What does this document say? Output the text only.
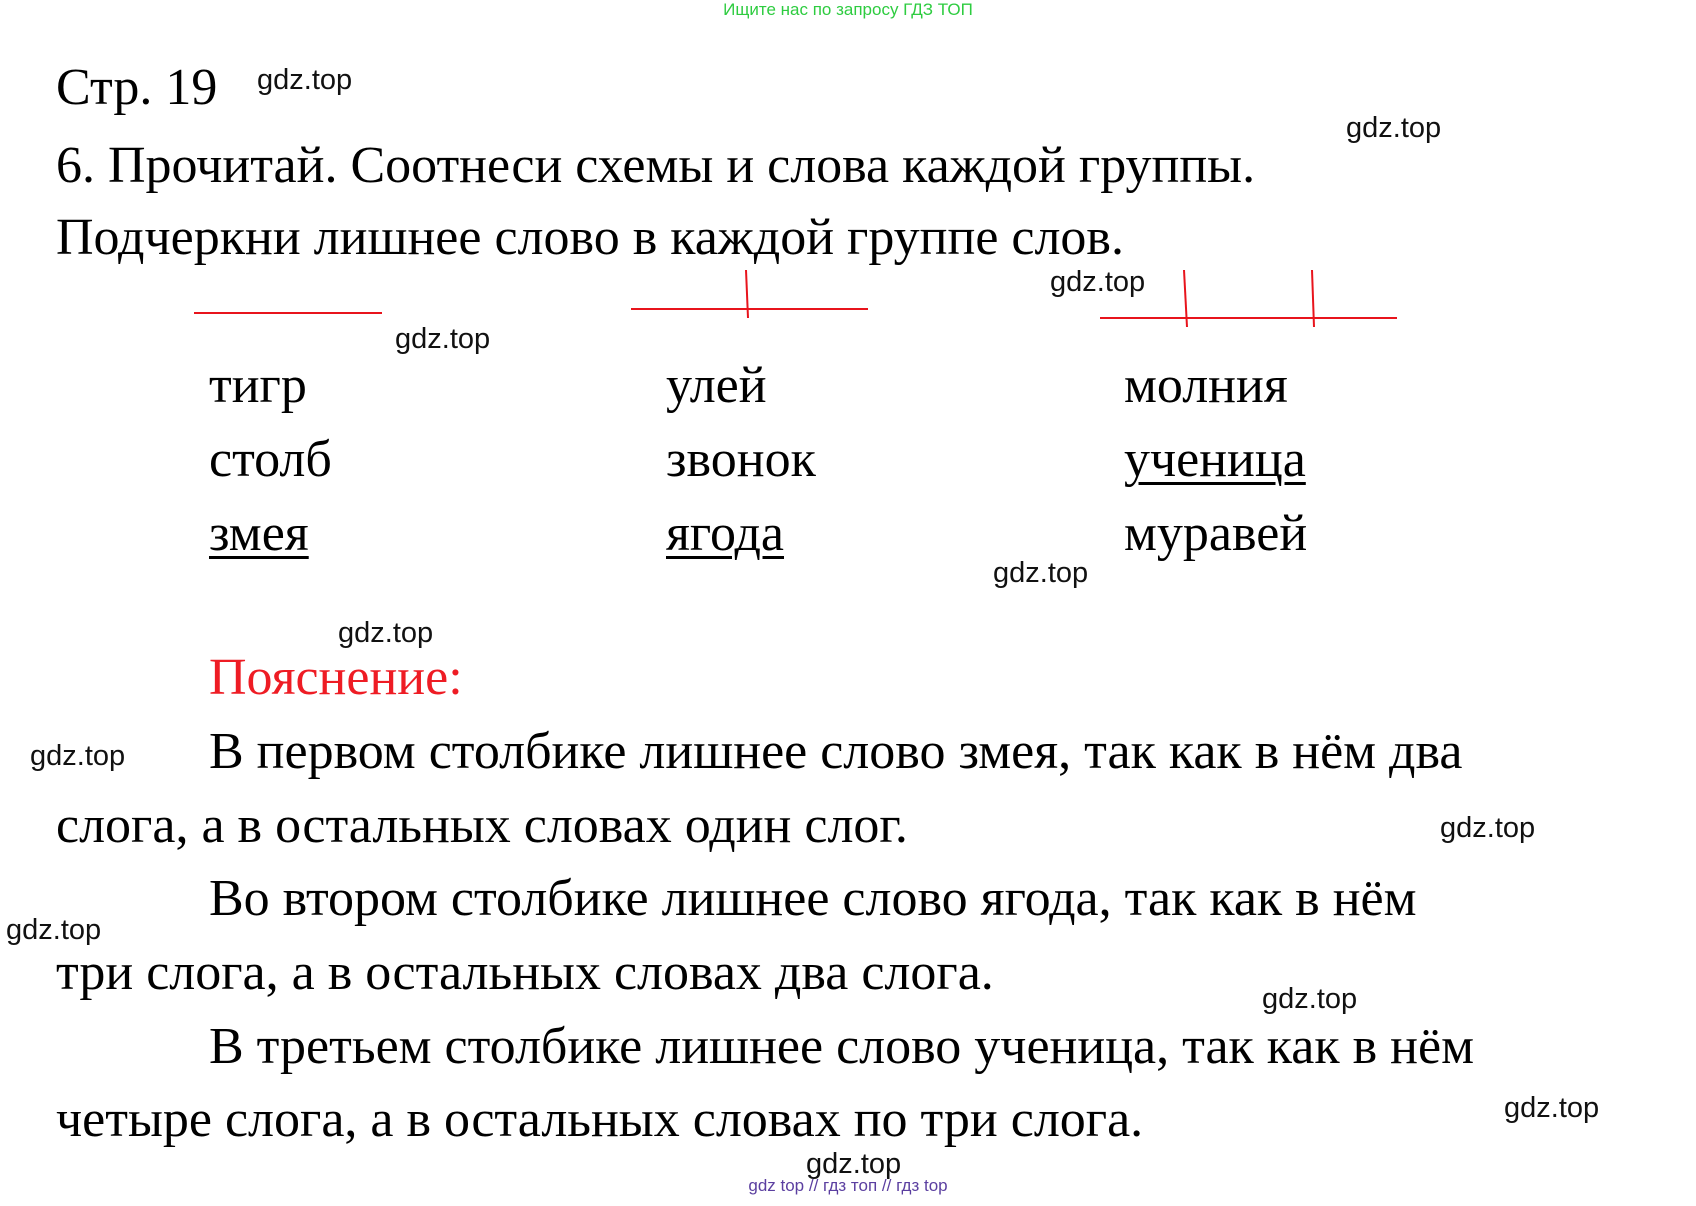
Ищите нас по запросу ГДЗ ТОП
Стр. 19
6. Прочитай. Соотнеси схемы и слова каждой группы.
Подчеркни лишнее слово в каждой группе слов.
тигр
столб
змея
улей
звонок
ягода
молния
ученица
муравей
Пояснение:
В первом столбике лишнее слово змея, так как в нём два
слога, а в остальных словах один слог.
Во втором столбике лишнее слово ягода, так как в нём
три слога, а в остальных словах два слога.
В третьем столбике лишнее слово ученица, так как в нём
четыре слога, а в остальных словах по три слога.
gdz.top
gdz.top
gdz.top
gdz.top
gdz.top
gdz.top
gdz.top
gdz.top
gdz.top
gdz.top
gdz.top
gdz.top
gdz top // гдз топ // гдз top
